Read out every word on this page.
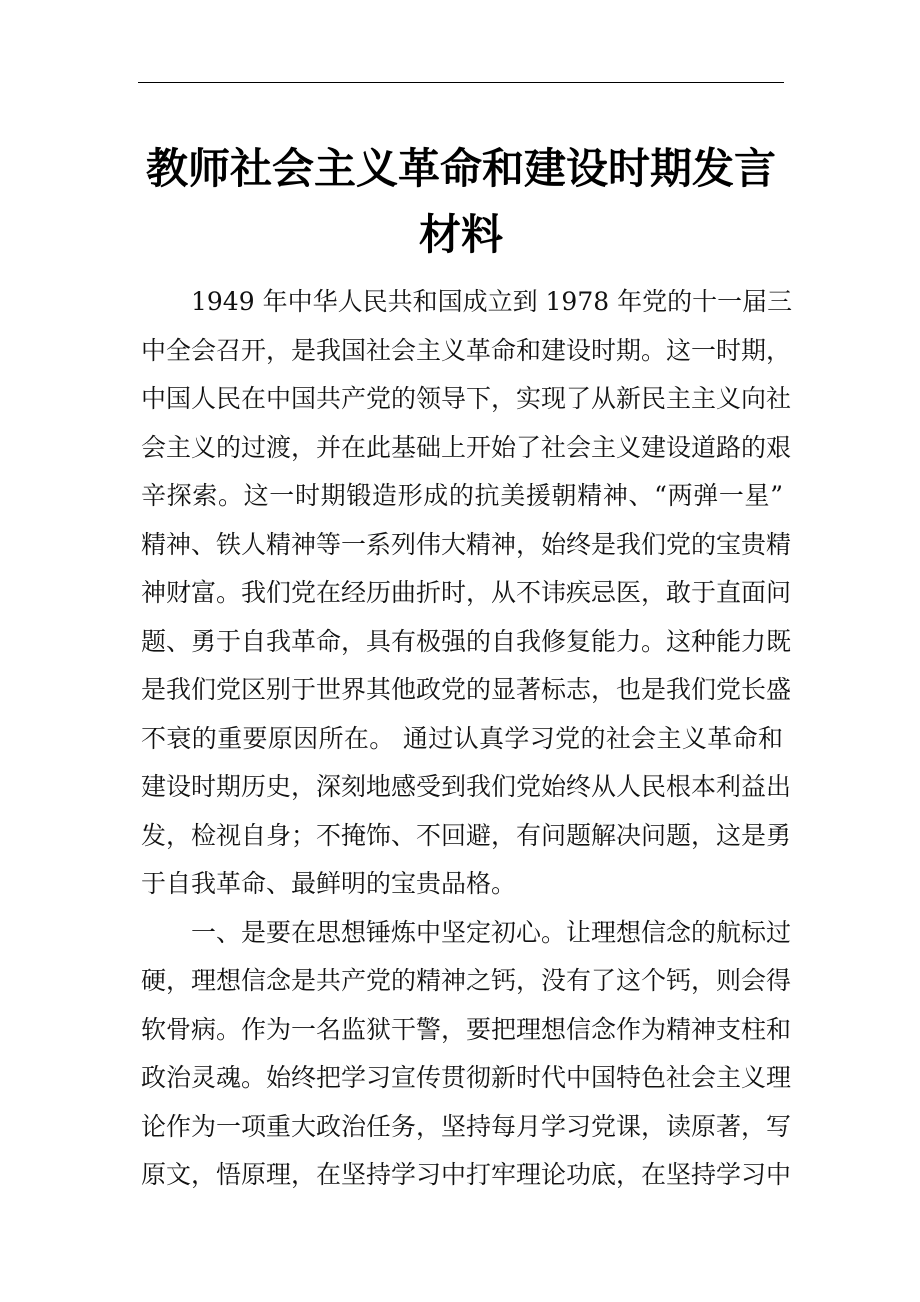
教师社会主义革命和建设时期发言
材料
1949 年中华人民共和国成立到 1978 年党的十一届三
中全会召开，是我国社会主义革命和建设时期。这一时期，
中国人民在中国共产党的领导下，实现了从新民主主义向社
会主义的过渡，并在此基础上开始了社会主义建设道路的艰
辛探索。这一时期锻造形成的抗美援朝精神、“两弹一星”
精神、铁人精神等一系列伟大精神，始终是我们党的宝贵精
神财富。我们党在经历曲折时，从不讳疾忌医，敢于直面问
题、勇于自我革命，具有极强的自我修复能力。这种能力既
是我们党区别于世界其他政党的显著标志，也是我们党长盛
不衰的重要原因所在。 通过认真学习党的社会主义革命和
建设时期历史，深刻地感受到我们党始终从人民根本利益出
发，检视自身；不掩饰、不回避，有问题解决问题，这是勇
于自我革命、最鲜明的宝贵品格。
一、是要在思想锤炼中坚定初心。让理想信念的航标过
硬，理想信念是共产党的精神之钙，没有了这个钙，则会得
软骨病。作为一名监狱干警，要把理想信念作为精神支柱和
政治灵魂。始终把学习宣传贯彻新时代中国特色社会主义理
论作为一项重大政治任务，坚持每月学习党课，读原著，写
原文，悟原理，在坚持学习中打牢理论功底，在坚持学习中
